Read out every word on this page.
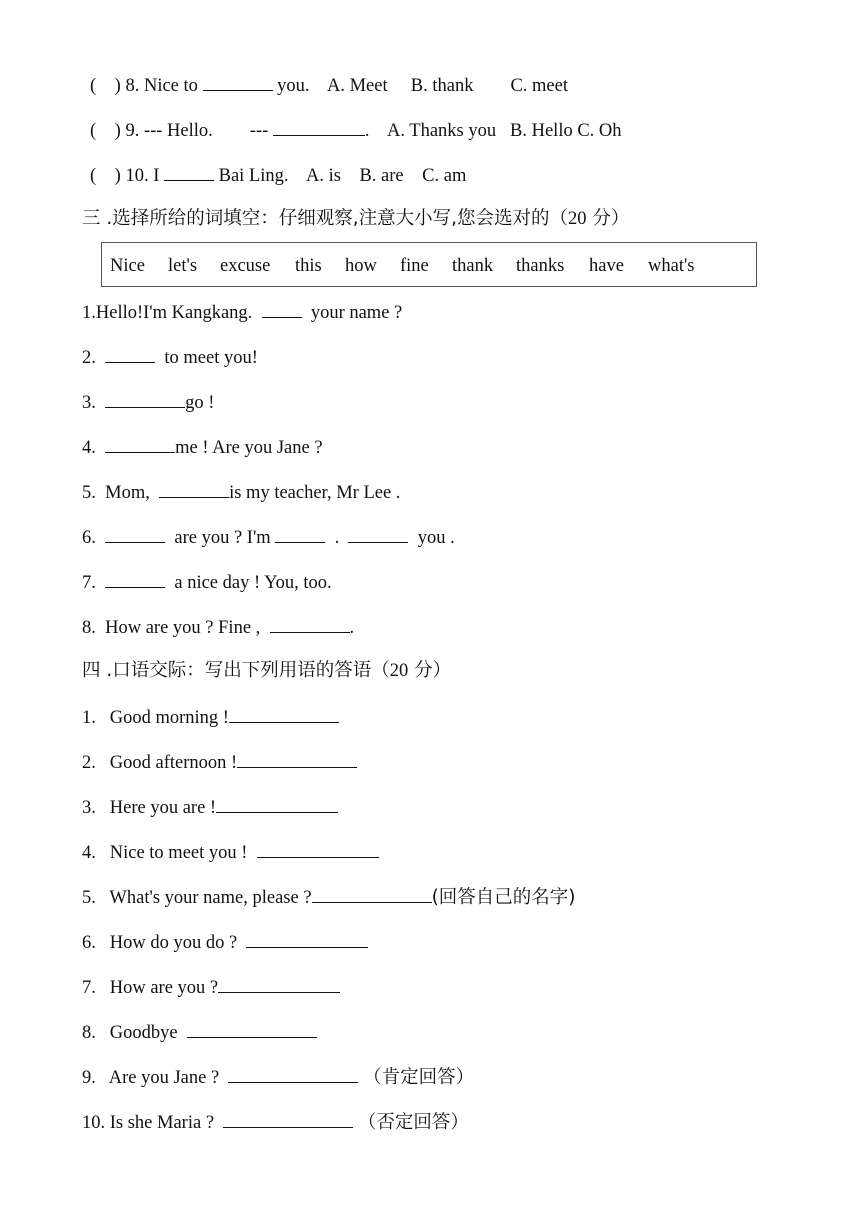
(    ) 8. Nice to	you. A. Meet B. thank C. meet
(    ) 9. --- Hello. ---	. A. Thanks you B. Hello C. Oh
(    ) 10. I	Bai Ling. A. is B. are C. am
三 .选择所给的词填空：仔细观察,注意大小写,您会选对的（20 分）
Nice let's excuse this how fine thank thanks have what's
1.Hello!I'm Kangkang.	your name ?
2.	to meet you!
3.	go !
4.	me ! Are you Jane ?
5.  Mom,	is my teacher, Mr Lee .
6.	are you ? I'm	.	you .
7.	a nice day ! You, too.
8.  How are you ? Fine ,	.
四 .口语交际：写出下列用语的答语（20 分）
1. Good morning !
2. Good afternoon !
3. Here you are !
4. Nice to meet you !
5. What's your name, please ?	(回答自己的名字)
6. How do you do ?
7. How are you ?
8. Goodbye
9. Are you Jane ?	（肯定回答）
10. Is she Maria ?	（否定回答）
